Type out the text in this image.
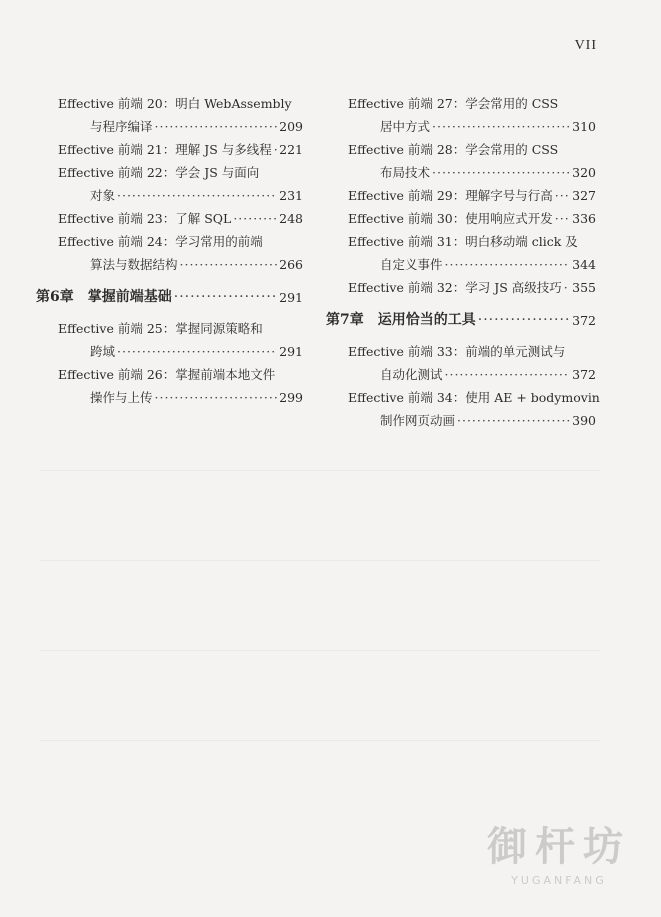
VII
Effective 前端 20：明白 WebAssembly
与程序编译 ·····	209
Effective 前端 21：理解 JS 与多线程 ····· 221
Effective 前端 22：学会 JS 与面向
对象 ·····	231
Effective 前端 23：了解 SQL ·····	248
Effective 前端 24：学习常用的前端
算法与数据结构 ·····	266
第6章 掌握前端基础 ·····	291
Effective 前端 25：掌握同源策略和
跨域 ·····	291
Effective 前端 26：掌握前端本地文件
操作与上传 ·····	299
Effective 前端 27：学会常用的 CSS
居中方式 ·····	310
Effective 前端 28：学会常用的 CSS
布局技术 ·····	320
Effective 前端 29：理解字号与行高 ····· 327
Effective 前端 30：使用响应式开发 ····· 336
Effective 前端 31：明白移动端 click 及
自定义事件 ·····	344
Effective 前端 32：学习 JS 高级技巧 ····· 355
第7章 运用恰当的工具 ·····	372
Effective 前端 33：前端的单元测试与
自动化测试 ·····	372
Effective 前端 34：使用 AE + bodymovin
制作网页动画 ·····	390
御杆坊
YUGANFANG
